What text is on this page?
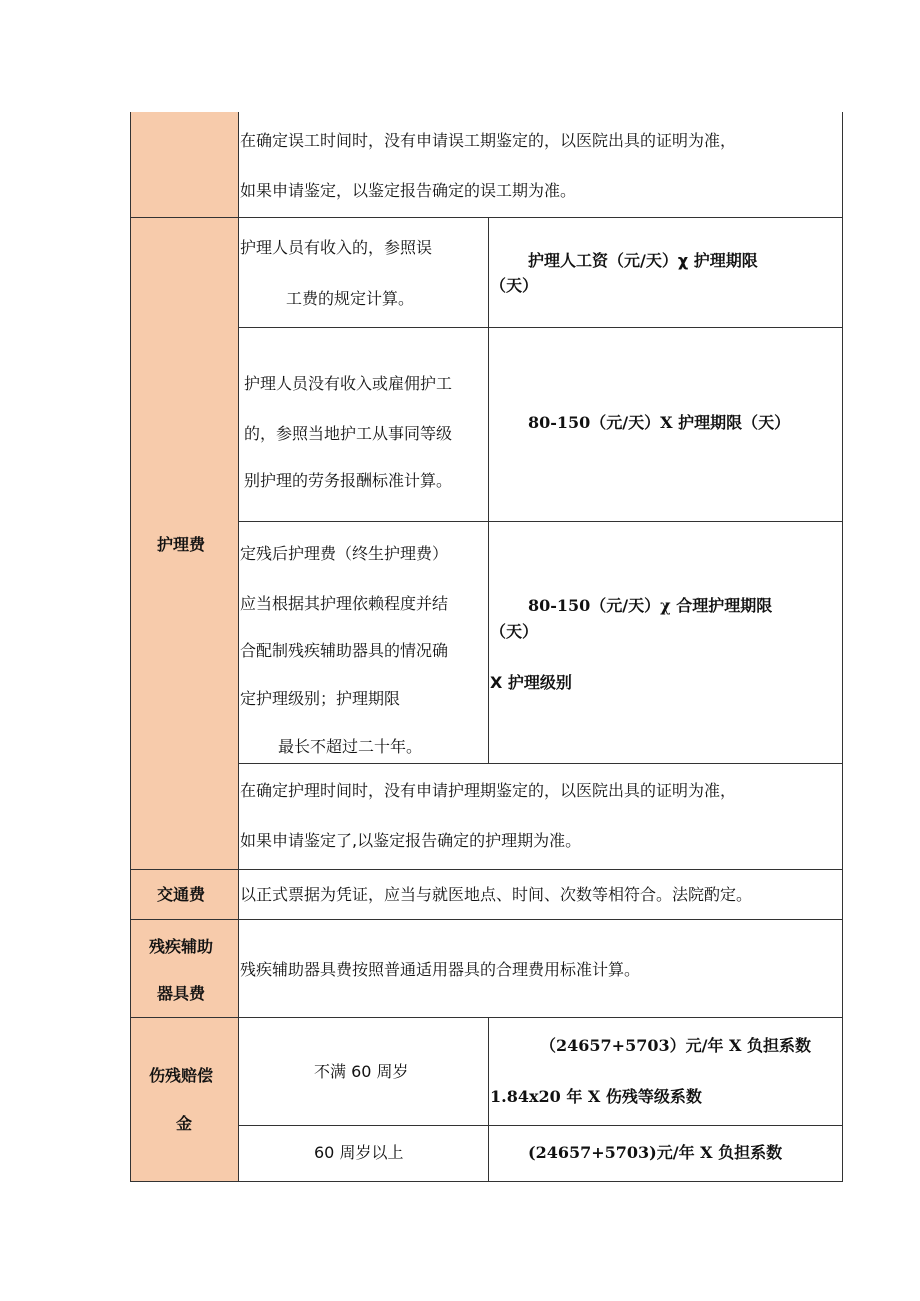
在确定误工时间时，没有申请误工期鉴定的，以医院出具的证明为准，
如果申请鉴定，以鉴定报告确定的误工期为准。
护理费
护理人员有收入的，参照误
工费的规定计算。
护理人工资（元/天）χ 护理期限
（天）
护理人员没有收入或雇佣护工
的，参照当地护工从事同等级
别护理的劳务报酬标准计算。
80-150（元/天）X 护理期限（天）
定残后护理费（终生护理费）
应当根据其护理依赖程度并结
合配制残疾辅助器具的情况确
定护理级别；护理期限
最长不超过二十年。
80-150（元/天）χ 合理护理期限
（天）
X 护理级别
在确定护理时间时，没有申请护理期鉴定的，以医院出具的证明为准，
如果申请鉴定了,以鉴定报告确定的护理期为准。
交通费 以正式票据为凭证，应当与就医地点、时间、次数等相符合。法院酌定。
残疾辅助
器具费
残疾辅助器具费按照普通适用器具的合理费用标准计算。
伤残赔偿
金
不满 60 周岁
（24657+5703）元/年 X 负担系数
1.84x20 年 X 伤残等级系数
60 周岁以上	(24657+5703)元/年 X 负担系数
